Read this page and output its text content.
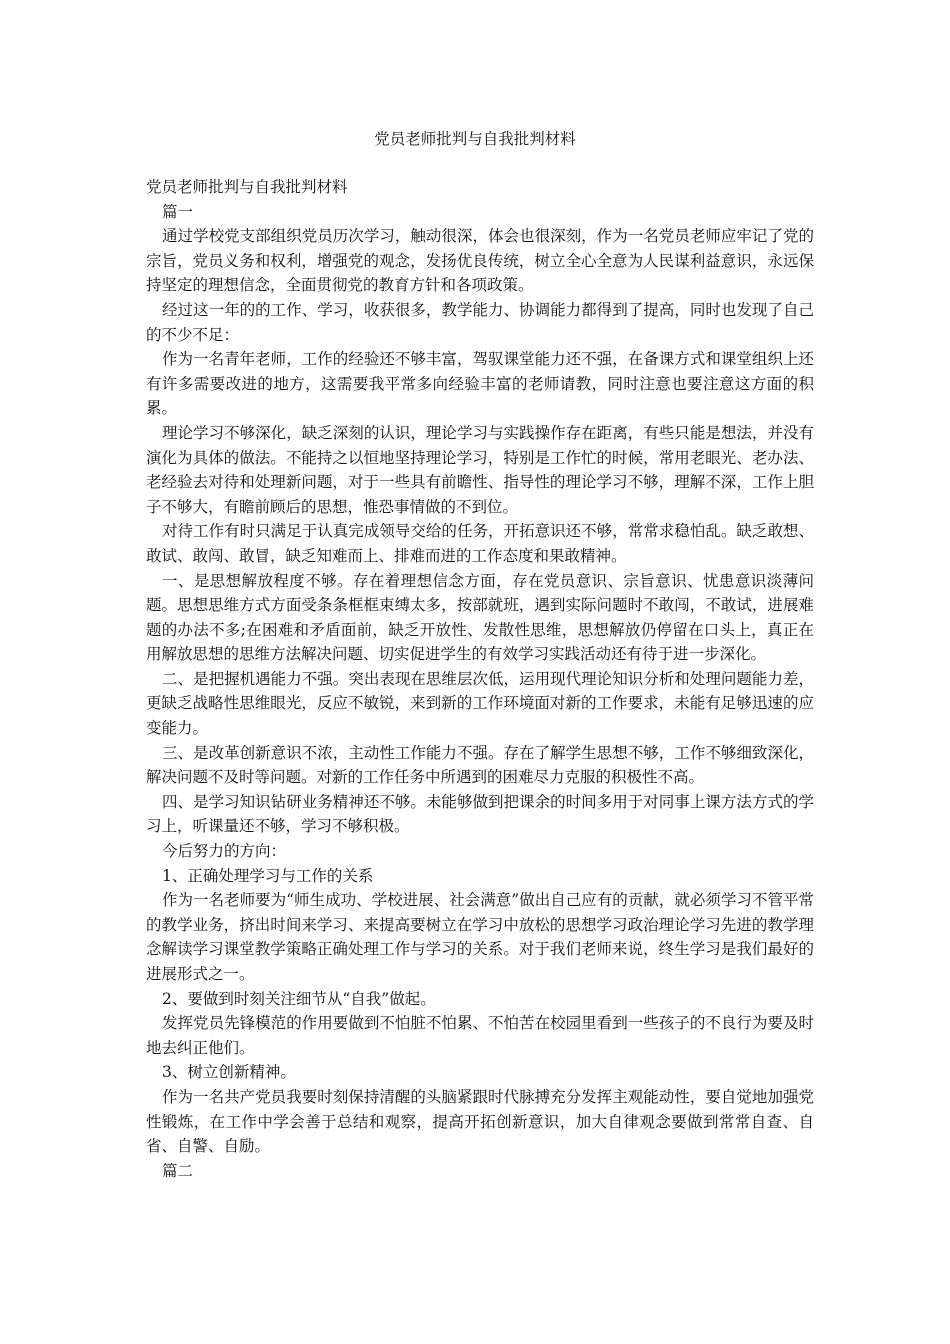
党员老师批判与自我批判材料

党员老师批判与自我批判材料

篇一

通过学校党支部组织党员历次学习，触动很深，体会也很深刻，作为一名党员老师应牢记了党的宗旨，党员义务和权利，增强党的观念，发扬优良传统，树立全心全意为人民谋利益意识，永远保持坚定的理想信念，全面贯彻党的教育方针和各项政策。

经过这一年的的工作、学习，收获很多，教学能力、协调能力都得到了提高，同时也发现了自己的不少不足：

作为一名青年老师，工作的经验还不够丰富，驾驭课堂能力还不强，在备课方式和课堂组织上还有许多需要改进的地方，这需要我平常多向经验丰富的老师请教，同时注意也要注意这方面的积累。

理论学习不够深化，缺乏深刻的认识，理论学习与实践操作存在距离，有些只能是想法，并没有演化为具体的做法。不能持之以恒地坚持理论学习，特别是工作忙的时候，常用老眼光、老办法、老经验去对待和处理新问题，对于一些具有前瞻性、指导性的理论学习不够，理解不深，工作上胆子不够大，有瞻前顾后的思想，惟恐事情做的不到位。

对待工作有时只满足于认真完成领导交给的任务，开拓意识还不够，常常求稳怕乱。缺乏敢想、敢试、敢闯、敢冒，缺乏知难而上、排难而进的工作态度和果敢精神。

一、是思想解放程度不够。存在着理想信念方面，存在党员意识、宗旨意识、忧患意识淡薄问题。思想思维方式方面受条条框框束缚太多，按部就班，遇到实际问题时不敢闯，不敢试，进展难题的办法不多;在困难和矛盾面前，缺乏开放性、发散性思维，思想解放仍停留在口头上，真正在用解放思想的思维方法解决问题、切实促进学生的有效学习实践活动还有待于进一步深化。

二、是把握机遇能力不强。突出表现在思维层次低，运用现代理论知识分析和处理问题能力差，更缺乏战略性思维眼光，反应不敏锐，来到新的工作环境面对新的工作要求，未能有足够迅速的应变能力。

三、是改革创新意识不浓，主动性工作能力不强。存在了解学生思想不够，工作不够细致深化，解决问题不及时等问题。对新的工作任务中所遇到的困难尽力克服的积极性不高。

四、是学习知识钻研业务精神还不够。未能够做到把课余的时间多用于对同事上课方法方式的学习上，听课量还不够，学习不够积极。

今后努力的方向：

1、正确处理学习与工作的关系

作为一名老师要为“师生成功、学校进展、社会满意”做出自己应有的贡献，就必须学习不管平常的教学业务，挤出时间来学习、来提高要树立在学习中放松的思想学习政治理论学习先进的教学理念解读学习课堂教学策略正确处理工作与学习的关系。对于我们老师来说，终生学习是我们最好的进展形式之一。

2、要做到时刻关注细节从“自我”做起。

发挥党员先锋模范的作用要做到不怕脏不怕累、不怕苦在校园里看到一些孩子的不良行为要及时地去纠正他们。

3、树立创新精神。

作为一名共产党员我要时刻保持清醒的头脑紧跟时代脉搏充分发挥主观能动性，要自觉地加强党性锻炼，在工作中学会善于总结和观察，提高开拓创新意识，加大自律观念要做到常常自查、自省、自警、自励。

篇二
